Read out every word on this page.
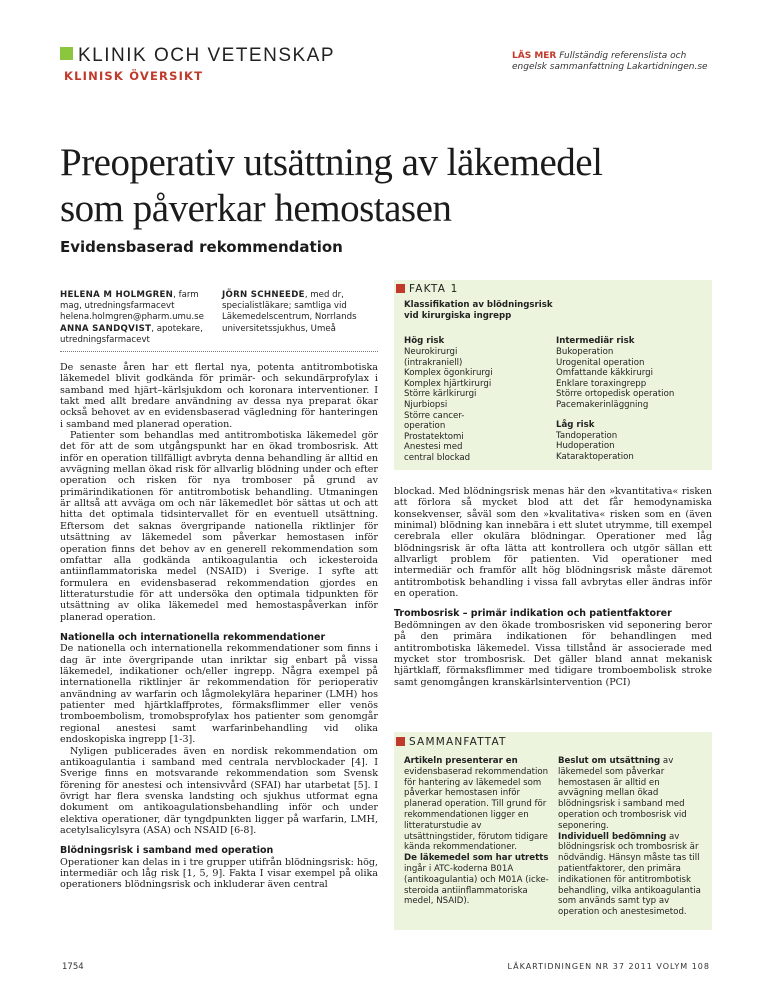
KLINIK OCH VETENSKAP
KLINISK ÖVERSIKT
LÄS MER Fullständig referenslista och engelsk sammanfattning Lakartidningen.se
Preoperativ utsättning av läkemedel
som påverkar hemostasen
Evidensbaserad rekommendation
HELENA M HOLMGREN, farm mag, utredningsfarmacevt helena.holmgren@pharm.umu.se
ANNA SANDQVIST, apotekare, utredningsfarmacevt
JÖRN SCHNEEDE, med dr, specialistläkare; samtliga vid Läkemedelscentrum, Norrlands universitetssjukhus, Umeå

De senaste åren har ett flertal nya, potenta antitrombotiska läkemedel blivit godkända för primär- och sekundärprofylax i samband med hjärt–kärlsjukdom och koronara interventioner. I takt med allt bredare användning av dessa nya preparat ökar också behovet av en evidensbaserad vägledning för hanteringen i samband med planerad operation.

Patienter som behandlas med antitrombotiska läkemedel gör det för att de som utgångspunkt har en ökad trombosrisk. Att inför en operation tillfälligt avbryta denna behandling är alltid en avvägning mellan ökad risk för allvarlig blödning under och efter operation och risken för nya tromboser på grund av primärindikationen för antitrombotisk behandling. Utmaningen är alltså att avväga om och när läkemedlet bör sättas ut och att hitta det optimala tidsintervallet för en eventuell utsättning. Eftersom det saknas övergripande nationella riktlinjer för utsättning av läkemedel som påverkar hemostasen inför operation finns det behov av en generell rekommendation som omfattar alla godkända antikoagulantia och ickesteroida antiinflammatoriska medel (NSAID) i Sverige. I syfte att formulera en evidensbaserad rekommendation gjordes en litteraturstudie för att undersöka den optimala tidpunkten för utsättning av olika läkemedel med hemostaspåverkan inför planerad operation.

Nationella och internationella rekommendationer

De nationella och internationella rekommendationer som finns i dag är inte övergripande utan inriktar sig enbart på vissa läkemedel, indikationer och/eller ingrepp. Några exempel på internationella riktlinjer är rekommendation för perioperativ användning av warfarin och lågmolekylära hepariner (LMH) hos patienter med hjärtklaffprotes, förmaksflimmer eller venös tromboembolism, tromobsprofylax hos patienter som genomgår regional anestesi samt warfarinbehandling vid olika endoskopiska ingrepp [1-3].

Nyligen publicerades även en nordisk rekommendation om antikoagulantia i samband med centrala nervblockader [4]. I Sverige finns en motsvarande rekommendation som Svensk förening för anestesi och intensivvård (SFAI) har utarbetat [5]. I övrigt har flera svenska landsting och sjukhus utformat egna dokument om antikoagulationsbehandling inför och under elektiva operationer, där tyngdpunkten ligger på warfarin, LMH, acetylsalicylsyra (ASA) och NSAID [6-8].

Blödningsrisk i samband med operation

Operationer kan delas in i tre grupper utifrån blödningsrisk: hög, intermediär och låg risk [1, 5, 9]. Fakta I visar exempel på olika operationers blödningsrisk och inkluderar även central

FAKTA 1
Klassifikation av blödningsrisk vid kirurgiska ingrepp
Hög risk
Neurokirurgi
(intrakraniell)
Komplex ögonkirurgi
Komplex hjärtkirurgi
Större kärlkirurgi
Njurbiopsi
Större cancer-
operation
Prostatektomi
Anestesi med
central blockad
Intermediär risk
Bukoperation
Urogenital operation
Omfattande käkkirurgi
Enklare toraxingrepp
Större ortopedisk operation
Pacemakerinläggning
Låg risk
Tandoperation
Hudoperation
Kataraktoperation

blockad. Med blödningsrisk menas här den »kvantitativa« risken att förlora så mycket blod att det får hemodynamiska konsekvenser, såväl som den »kvalitativa« risken som en (även minimal) blödning kan innebära i ett slutet utrymme, till exempel cerebrala eller okulära blödningar. Operationer med låg blödningsrisk är ofta lätta att kontrollera och utgör sällan ett allvarligt problem för patienten. Vid operationer med intermediär och framför allt hög blödningsrisk måste däremot antitrombotisk behandling i vissa fall avbrytas eller ändras inför en operation.

Trombosrisk – primär indikation och patientfaktorer

Bedömningen av den ökade trombosrisken vid seponering beror på den primära indikationen för behandlingen med antitrombotiska läkemedel. Vissa tillstånd är associerade med mycket stor trombosrisk. Det gäller bland annat mekanisk hjärtklaff, förmaksflimmer med tidigare tromboembolisk stroke samt genomgången kranskärlsintervention (PCI)

SAMMANFATTAT
Artikeln presenterar en evidensbaserad rekommendation för hantering av läkemedel som påverkar hemostasen inför planerad operation. Till grund för rekommendationen ligger en litteraturstudie av utsättningstider, förutom tidigare kända rekommendationer.
De läkemedel som har utretts ingår i ATC-koderna B01A (antikoagulantia) och M01A (icke-steroida antiinflammatoriska medel, NSAID).
Beslut om utsättning av läkemedel som påverkar hemostasen är alltid en avvägning mellan ökad blödningsrisk i samband med operation och trombosrisk vid seponering.
Individuell bedömning av blödningsrisk och trombosrisk är nödvändig. Hänsyn måste tas till patientfaktorer, den primära indikationen för antitrombotisk behandling, vilka antikoagulantia som används samt typ av operation och anestesimetod.
1754	LÄKARTIDNINGEN NR 37 2011 VOLYM 108
